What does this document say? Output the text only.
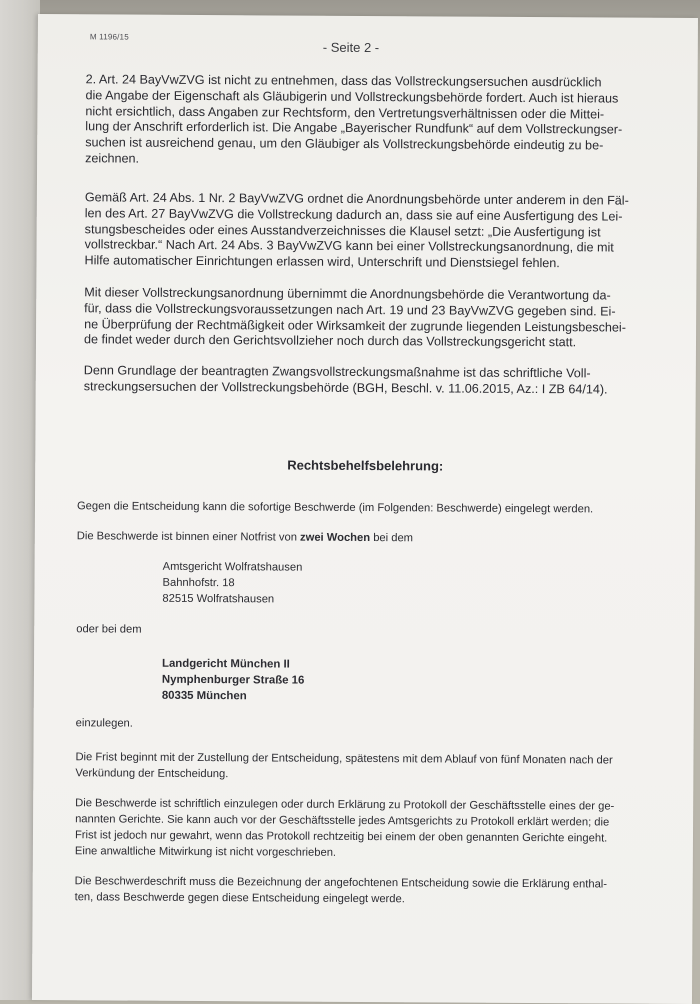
M 1196/15
- Seite 2 -
2. Art. 24 BayVwZVG ist nicht zu entnehmen, dass das Vollstreckungsersuchen ausdrücklich
die Angabe der Eigenschaft als Gläubigerin und Vollstreckungsbehörde fordert. Auch ist hieraus
nicht ersichtlich, dass Angaben zur Rechtsform, den Vertretungsverhältnissen oder die Mittei-
lung der Anschrift erforderlich ist. Die Angabe „Bayerischer Rundfunk“ auf dem Vollstreckungser-
suchen ist ausreichend genau, um den Gläubiger als Vollstreckungsbehörde eindeutig zu be-
zeichnen.
Gemäß Art. 24 Abs. 1 Nr. 2 BayVwZVG ordnet die Anordnungsbehörde unter anderem in den Fäl-
len des Art. 27 BayVwZVG die Vollstreckung dadurch an, dass sie auf eine Ausfertigung des Lei-
stungsbescheides oder eines Ausstandverzeichnisses die Klausel setzt: „Die Ausfertigung ist
vollstreckbar.“ Nach Art. 24 Abs. 3 BayVwZVG kann bei einer Vollstreckungsanordnung, die mit
Hilfe automatischer Einrichtungen erlassen wird, Unterschrift und Dienstsiegel fehlen.
Mit dieser Vollstreckungsanordnung übernimmt die Anordnungsbehörde die Verantwortung da-
für, dass die Vollstreckungsvoraussetzungen nach Art. 19 und 23 BayVwZVG gegeben sind. Ei-
ne Überprüfung der Rechtmäßigkeit oder Wirksamkeit der zugrunde liegenden Leistungsbeschei-
de findet weder durch den Gerichtsvollzieher noch durch das Vollstreckungsgericht statt.
Denn Grundlage der beantragten Zwangsvollstreckungsmaßnahme ist das schriftliche Voll-
streckungsersuchen der Vollstreckungsbehörde (BGH, Beschl. v. 11.06.2015, Az.: I ZB 64/14).
Rechtsbehelfsbelehrung:
Gegen die Entscheidung kann die sofortige Beschwerde (im Folgenden: Beschwerde) eingelegt werden.
Die Beschwerde ist binnen einer Notfrist von zwei Wochen bei dem
Amtsgericht Wolfratshausen
Bahnhofstr. 18
82515 Wolfratshausen
oder bei dem
Landgericht München II
Nymphenburger Straße 16
80335 München
einzulegen.
Die Frist beginnt mit der Zustellung der Entscheidung, spätestens mit dem Ablauf von fünf Monaten nach der
Verkündung der Entscheidung.
Die Beschwerde ist schriftlich einzulegen oder durch Erklärung zu Protokoll der Geschäftsstelle eines der ge-
nannten Gerichte. Sie kann auch vor der Geschäftsstelle jedes Amtsgerichts zu Protokoll erklärt werden; die
Frist ist jedoch nur gewahrt, wenn das Protokoll rechtzeitig bei einem der oben genannten Gerichte eingeht.
Eine anwaltliche Mitwirkung ist nicht vorgeschrieben.
Die Beschwerdeschrift muss die Bezeichnung der angefochtenen Entscheidung sowie die Erklärung enthal-
ten, dass Beschwerde gegen diese Entscheidung eingelegt werde.
